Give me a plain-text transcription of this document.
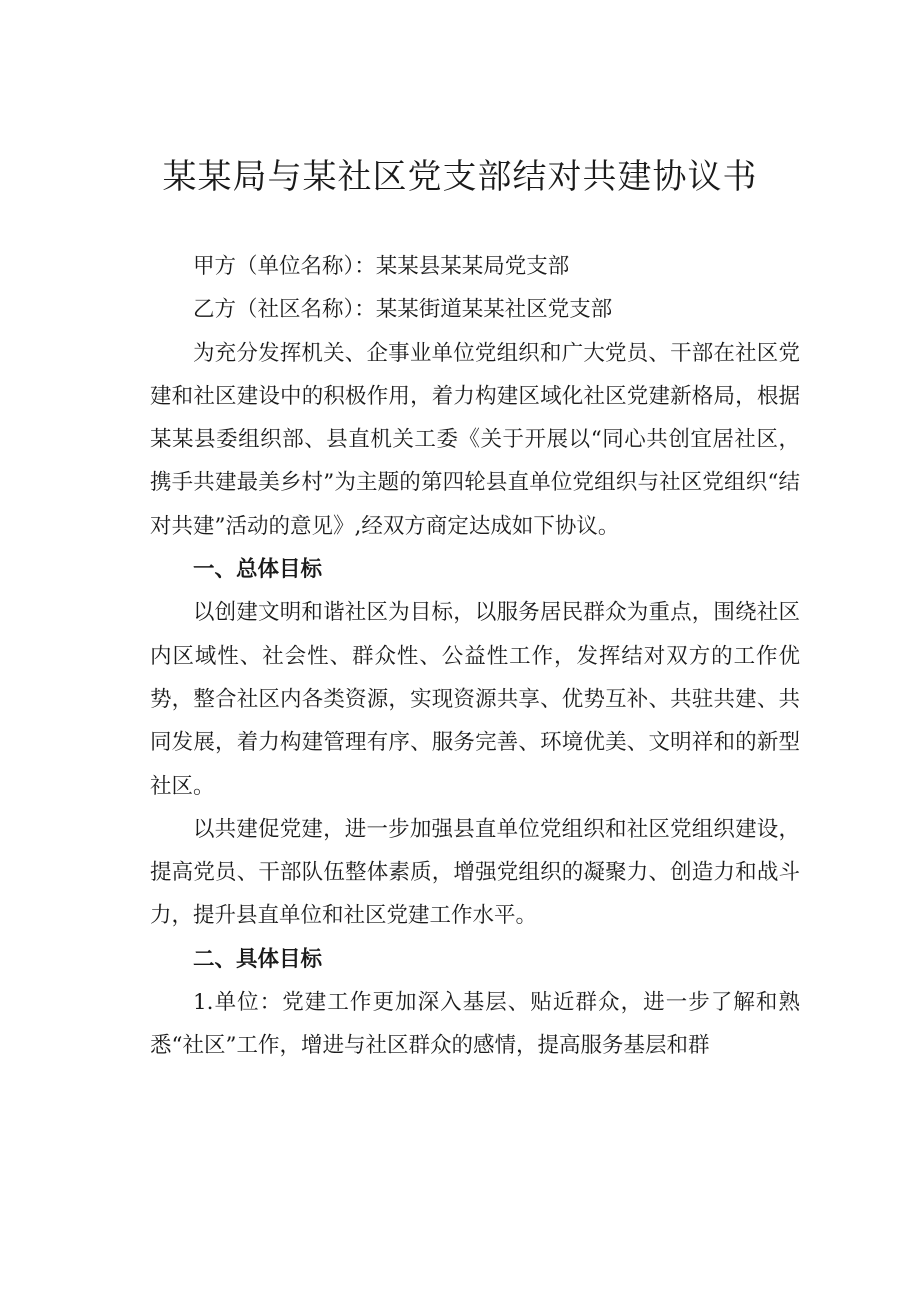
某某局与某社区党支部结对共建协议书

甲方（单位名称）：某某县某某局党支部

乙方（社区名称）：某某街道某某社区党支部

为充分发挥机关、企事业单位党组织和广大党员、干部在社区党建和社区建设中的积极作用，着力构建区域化社区党建新格局，根据某某县委组织部、县直机关工委《关于开展以“同心共创宜居社区，携手共建最美乡村”为主题的第四轮县直单位党组织与社区党组织“结对共建”活动的意见》,经双方商定达成如下协议。

一、总体目标

以创建文明和谐社区为目标，以服务居民群众为重点，围绕社区内区域性、社会性、群众性、公益性工作，发挥结对双方的工作优势，整合社区内各类资源，实现资源共享、优势互补、共驻共建、共同发展，着力构建管理有序、服务完善、环境优美、文明祥和的新型社区。

以共建促党建，进一步加强县直单位党组织和社区党组织建设，提高党员、干部队伍整体素质，增强党组织的凝聚力、创造力和战斗力，提升县直单位和社区党建工作水平。

二、具体目标

1.单位：党建工作更加深入基层、贴近群众，进一步了解和熟悉“社区”工作，增进与社区群众的感情，提高服务基层和群
